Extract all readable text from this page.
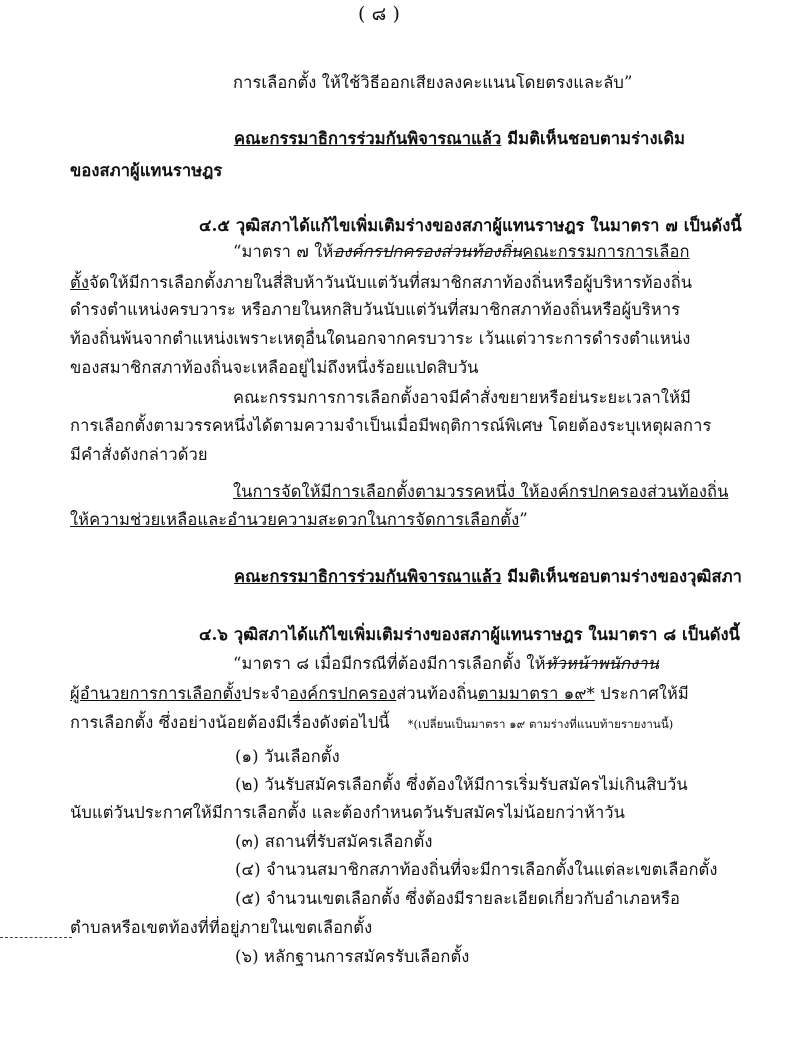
( ๘ )
การเลือกตั้ง ให้ใช้วิธีออกเสียงลงคะแนนโดยตรงและลับ”
คณะกรรมาธิการร่วมกันพิจารณาแล้ว มีมติเห็นชอบตามร่างเดิม
ของสภาผู้แทนราษฎร
๔.๕ วุฒิสภาได้แก้ไขเพิ่มเติมร่างของสภาผู้แทนราษฎร ในมาตรา ๗ เป็นดังนี้
“มาตรา ๗ ให้องค์กรปกครองส่วนท้องถิ่นคณะกรรมการการเลือก
ตั้งจัดให้มีการเลือกตั้งภายในสี่สิบห้าวันนับแต่วันที่สมาชิกสภาท้องถิ่นหรือผู้บริหารท้องถิ่น
ดำรงตำแหน่งครบวาระ หรือภายในหกสิบวันนับแต่วันที่สมาชิกสภาท้องถิ่นหรือผู้บริหาร
ท้องถิ่นพ้นจากตำแหน่งเพราะเหตุอื่นใดนอกจากครบวาระ เว้นแต่วาระการดำรงตำแหน่ง
ของสมาชิกสภาท้องถิ่นจะเหลืออยู่ไม่ถึงหนึ่งร้อยแปดสิบวัน
คณะกรรมการการเลือกตั้งอาจมีคำสั่งขยายหรือย่นระยะเวลาให้มี
การเลือกตั้งตามวรรคหนึ่งได้ตามความจำเป็นเมื่อมีพฤติการณ์พิเศษ โดยต้องระบุเหตุผลการ
มีคำสั่งดังกล่าวด้วย
ในการจัดให้มีการเลือกตั้งตามวรรคหนึ่ง ให้องค์กรปกครองส่วนท้องถิ่น
ให้ความช่วยเหลือและอำนวยความสะดวกในการจัดการเลือกตั้ง”
คณะกรรมาธิการร่วมกันพิจารณาแล้ว มีมติเห็นชอบตามร่างของวุฒิสภา
๔.๖ วุฒิสภาได้แก้ไขเพิ่มเติมร่างของสภาผู้แทนราษฎร ในมาตรา ๘ เป็นดังนี้
“มาตรา ๘ เมื่อมีกรณีที่ต้องมีการเลือกตั้ง ให้หัวหน้าพนักงาน
ผู้อำนวยการการเลือกตั้งประจำองค์กรปกครองส่วนท้องถิ่นตามมาตรา ๑๙* ประกาศให้มี
การเลือกตั้ง ซึ่งอย่างน้อยต้องมีเรื่องดังต่อไปนี้ *(เปลี่ยนเป็นมาตรา ๑๙ ตามร่างที่แนบท้ายรายงานนี้)
(๑) วันเลือกตั้ง
(๒) วันรับสมัครเลือกตั้ง ซึ่งต้องให้มีการเริ่มรับสมัครไม่เกินสิบวัน
นับแต่วันประกาศให้มีการเลือกตั้ง และต้องกำหนดวันรับสมัครไม่น้อยกว่าห้าวัน
(๓) สถานที่รับสมัครเลือกตั้ง
(๔) จำนวนสมาชิกสภาท้องถิ่นที่จะมีการเลือกตั้งในแต่ละเขตเลือกตั้ง
(๕) จำนวนเขตเลือกตั้ง ซึ่งต้องมีรายละเอียดเกี่ยวกับอำเภอหรือ
ตำบลหรือเขตท้องที่ที่อยู่ภายในเขตเลือกตั้ง
(๖) หลักฐานการสมัครรับเลือกตั้ง
